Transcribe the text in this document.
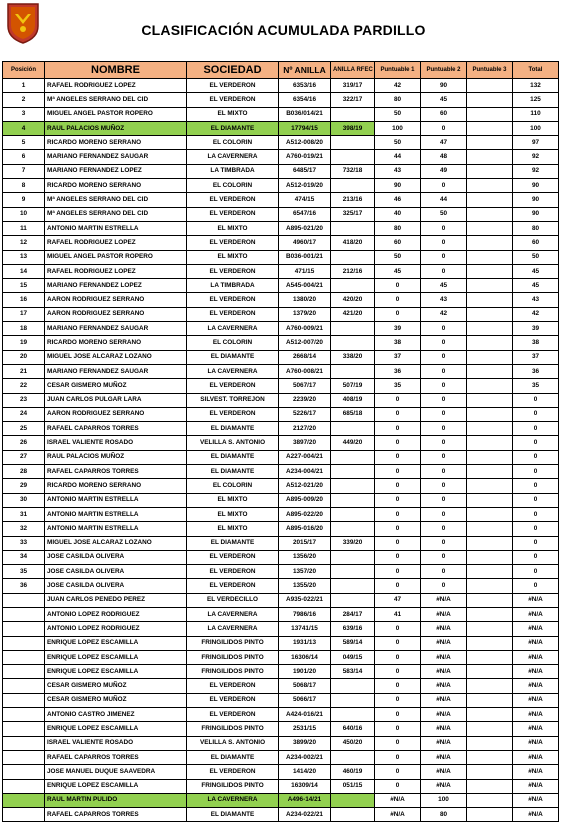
CLASIFICACIÓN ACUMULADA PARDILLO
Posición	NOMBRE	SOCIEDAD	Nº ANILLA	ANILLA RFEC	Puntuable 1	Puntuable 2	Puntuable 3	Total
1	RAFAEL RODRIGUEZ LOPEZ	EL VERDERON	6353/16	319/17	42	90		132
2	Mª ANGELES SERRANO DEL CID	EL VERDERON	6354/16	322/17	80	45		125
3	MIGUEL ANGEL PASTOR ROPERO	EL MIXTO	B036/014/21		50	60		110
4	RAUL PALACIOS MUÑOZ	EL DIAMANTE	17794/15	398/19	100	0		100
5	RICARDO MORENO SERRANO	EL COLORIN	A512-008/20		50	47		97
6	MARIANO FERNANDEZ SAUGAR	LA CAVERNERA	A760-019/21		44	48		92
7	MARIANO FERNANDEZ LOPEZ	LA TIMBRADA	6485/17	732/18	43	49		92
8	RICARDO MORENO SERRANO	EL COLORIN	A512-019/20		90	0		90
9	Mª ANGELES SERRANO DEL CID	EL VERDERON	474/15	213/16	46	44		90
10	Mª ANGELES SERRANO DEL CID	EL VERDERON	6547/16	325/17	40	50		90
11	ANTONIO MARTIN ESTRELLA	EL MIXTO	A895-021/20		80	0		80
12	RAFAEL RODRIGUEZ LOPEZ	EL VERDERON	4960/17	418/20	60	0		60
13	MIGUEL ANGEL PASTOR ROPERO	EL MIXTO	B036-001/21		50	0		50
14	RAFAEL RODRIGUEZ LOPEZ	EL VERDERON	471/15	212/16	45	0		45
15	MARIANO FERNANDEZ LOPEZ	LA TIMBRADA	A545-004/21		0	45		45
16	AARON RODRIGUEZ SERRANO	EL VERDERON	1380/20	420/20	0	43		43
17	AARON RODRIGUEZ SERRANO	EL VERDERON	1379/20	421/20	0	42		42
18	MARIANO FERNANDEZ SAUGAR	LA CAVERNERA	A760-009/21		39	0		39
19	RICARDO MORENO SERRANO	EL COLORIN	A512-007/20		38	0		38
20	MIGUEL JOSE ALCARAZ LOZANO	EL DIAMANTE	2668/14	338/20	37	0		37
21	MARIANO FERNANDEZ SAUGAR	LA CAVERNERA	A760-008/21		36	0		36
22	CESAR GISMERO MUÑOZ	EL VERDERON	5067/17	507/19	35	0		35
23	JUAN CARLOS PULGAR LARA	SILVEST. TORREJON	2239/20	408/19	0	0		0
24	AARON RODRIGUEZ SERRANO	EL VERDERON	5226/17	685/18	0	0		0
25	RAFAEL CAPARROS TORRES	EL DIAMANTE	2127/20		0	0		0
26	ISRAEL VALIENTE ROSADO	VELILLA S. ANTONIO	3897/20	449/20	0	0		0
27	RAUL PALACIOS MUÑOZ	EL DIAMANTE	A227-004/21		0	0		0
28	RAFAEL CAPARROS TORRES	EL DIAMANTE	A234-004/21		0	0		0
29	RICARDO MORENO SERRANO	EL COLORIN	A512-021/20		0	0		0
30	ANTONIO MARTIN ESTRELLA	EL MIXTO	A895-009/20		0	0		0
31	ANTONIO MARTIN ESTRELLA	EL MIXTO	A895-022/20		0	0		0
32	ANTONIO MARTIN ESTRELLA	EL MIXTO	A895-016/20		0	0		0
33	MIGUEL JOSE ALCARAZ LOZANO	EL DIAMANTE	2015/17	339/20	0	0		0
34	JOSE CASILDA OLIVERA	EL VERDERON	1356/20		0	0		0
35	JOSE CASILDA OLIVERA	EL VERDERON	1357/20		0	0		0
36	JOSE CASILDA OLIVERA	EL VERDERON	1355/20		0	0		0
	JUAN CARLOS PENEDO PEREZ	EL VERDECILLO	A935-022/21		47	#N/A		#N/A
	ANTONIO LOPEZ RODRIGUEZ	LA CAVERNERA	7986/16	284/17	41	#N/A		#N/A
	ANTONIO LOPEZ RODRIGUEZ	LA CAVERNERA	13741/15	639/16	0	#N/A		#N/A
	ENRIQUE LOPEZ ESCAMILLA	FRINGILIDOS PINTO	1931/13	589/14	0	#N/A		#N/A
	ENRIQUE LOPEZ ESCAMILLA	FRINGILIDOS PINTO	16306/14	049/15	0	#N/A		#N/A
	ENRIQUE LOPEZ ESCAMILLA	FRINGILIDOS PINTO	1901/20	583/14	0	#N/A		#N/A
	CESAR GISMERO MUÑOZ	EL VERDERON	5068/17		0	#N/A		#N/A
	CESAR GISMERO MUÑOZ	EL VERDERON	5066/17		0	#N/A		#N/A
	ANTONIO CASTRO JIMENEZ	EL VERDERON	A424-016/21		0	#N/A		#N/A
	ENRIQUE LOPEZ ESCAMILLA	FRINGILIDOS PINTO	2531/15	640/16	0	#N/A		#N/A
	ISRAEL VALIENTE ROSADO	VELILLA S. ANTONIO	3899/20	450/20	0	#N/A		#N/A
	RAFAEL CAPARROS TORRES	EL DIAMANTE	A234-002/21		0	#N/A		#N/A
	JOSE MANUEL DUQUE SAAVEDRA	EL VERDERON	1414/20	460/19	0	#N/A		#N/A
	ENRIQUE LOPEZ ESCAMILLA	FRINGILIDOS PINTO	16309/14	051/15	0	#N/A		#N/A
	RAUL MARTIN PULIDO	LA CAVERNERA	A496-14/21		#N/A	100		#N/A
	RAFAEL CAPARROS TORRES	EL DIAMANTE	A234-022/21		#N/A	80		#N/A
